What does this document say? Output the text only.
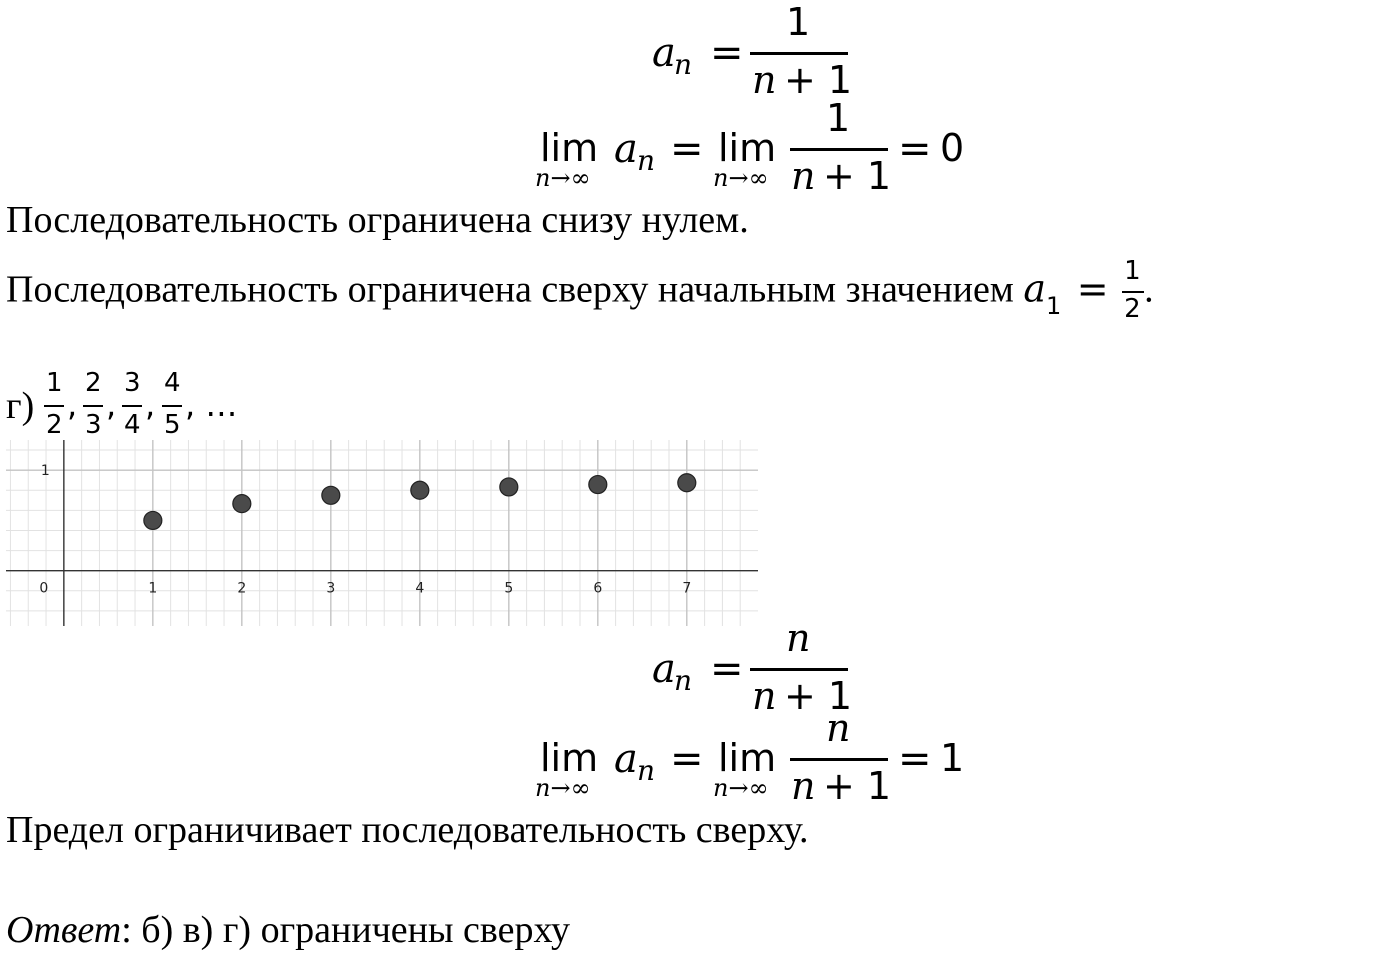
a
n =
1
n + 1
lim
n→∞
a n = lim
n→∞
1
n + 1
= 0
Последовательность ограничена снизу нулем.
Последовательность ограничена сверху начальным значением $a_1 = \frac{1}{2}$ .
г)
1
2
,
2
3
,
3
4
,
4
5
, …
0	1	2	3	4	5	6	7
1
a
n =
n
n + 1
lim
n→∞
a n = lim
n→∞
n
n + 1
= 1
Предел ограничивает последовательность сверху.
Ответ: б) в) г) ограничены сверху
